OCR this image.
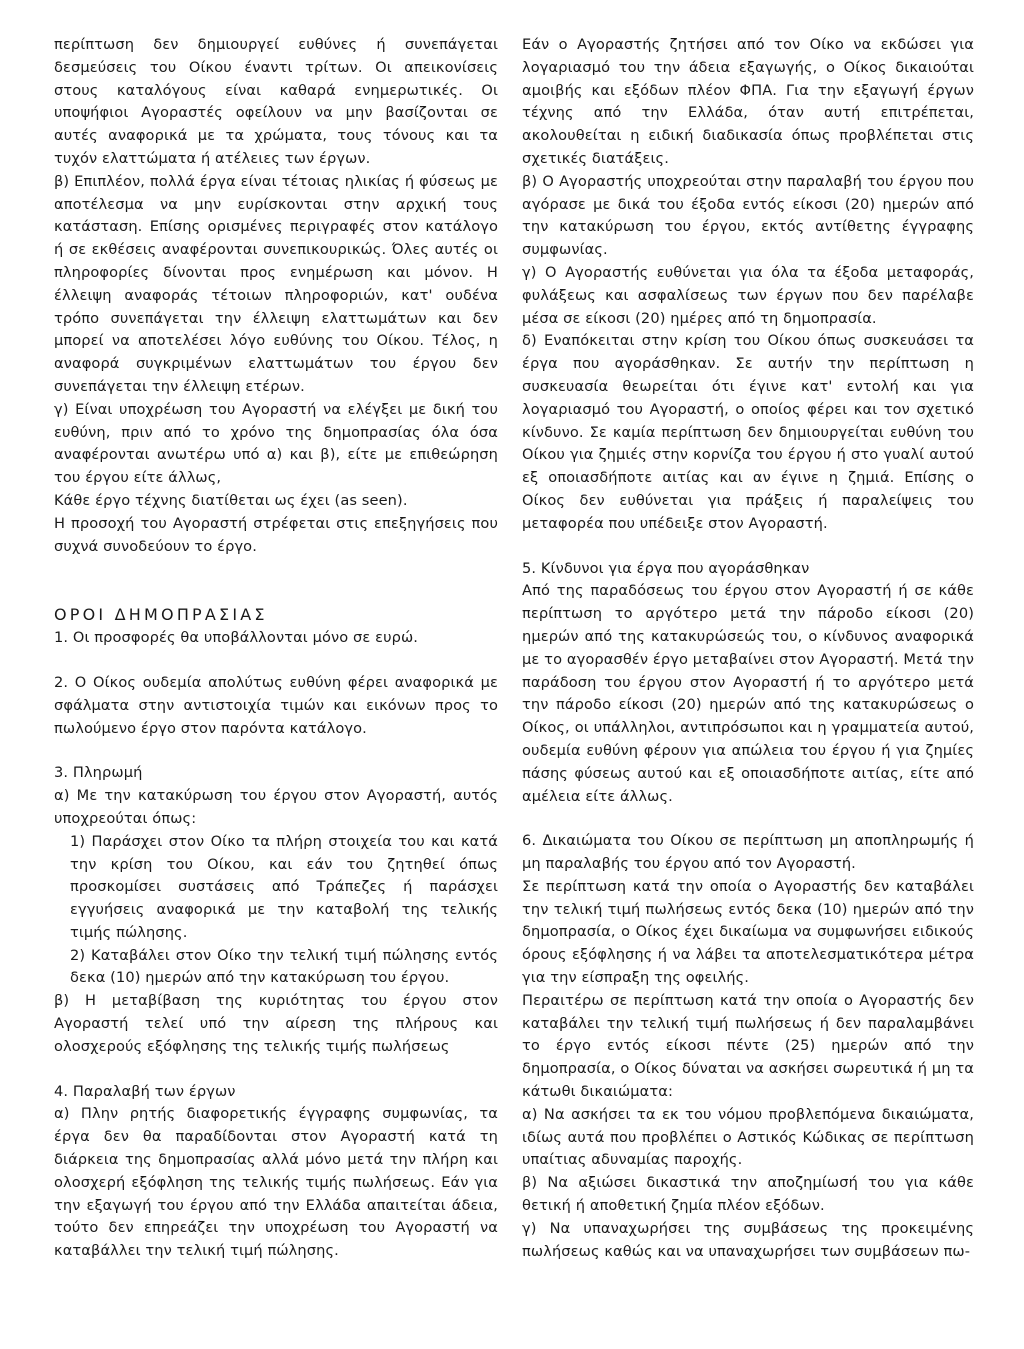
περίπτωση δεν δημιουργεί ευθύνες ή συνεπάγεται δεσμεύσεις του Οίκου έναντι τρίτων. Οι απεικονίσεις στους καταλόγους είναι καθαρά ενημερωτικές. Οι υποψήφιοι Αγοραστές οφείλουν να μην βασίζονται σε αυτές αναφορικά με τα χρώματα, τους τόνους και τα τυχόν ελαττώματα ή ατέλειες των έργων.

β) Επιπλέον, πολλά έργα είναι τέτοιας ηλικίας ή φύσεως με αποτέλεσμα να μην ευρίσκονται στην αρχική τους κατάσταση. Επίσης ορισμένες περιγραφές στον κατάλογο ή σε εκθέσεις αναφέρονται συνεπικουρικώς. Όλες αυτές οι πληροφορίες δίνονται προς ενημέρωση και μόνον. Η έλλειψη αναφοράς τέτοιων πληροφοριών, κατ' ουδένα τρόπο συνεπάγεται την έλλειψη ελαττωμάτων και δεν μπορεί να αποτελέσει λόγο ευθύνης του Οίκου. Τέλος, η αναφορά συγκριμένων ελαττωμάτων του έργου δεν συνεπάγεται την έλλειψη ετέρων.

γ) Είναι υποχρέωση του Αγοραστή να ελέγξει με δική του ευθύνη, πριν από το χρόνο της δημοπρασίας όλα όσα αναφέρονται ανωτέρω υπό α) και β), είτε με επιθεώρηση του έργου είτε άλλως,

Κάθε έργο τέχνης διατίθεται ως έχει (as seen).

Η προσοχή του Αγοραστή στρέφεται στις επεξηγήσεις που συχνά συνοδεύουν το έργο.

ΟΡΟΙ ΔΗΜΟΠΡΑΣΙΑΣ

1. Οι προσφορές θα υποβάλλονται μόνο σε ευρώ.

2. Ο Οίκος ουδεμία απολύτως ευθύνη φέρει αναφορικά με σφάλματα στην αντιστοιχία τιμών και εικόνων προς το πωλούμενο έργο στον παρόντα κατάλογο.

3. Πληρωμή

α) Με την κατακύρωση του έργου στον Αγοραστή, αυτός υποχρεούται όπως:

1) Παράσχει στον Οίκο τα πλήρη στοιχεία του και κατά την κρίση του Οίκου, και εάν του ζητηθεί όπως προσκομίσει συστάσεις από Τράπεζες ή παράσχει εγγυήσεις αναφορικά με την καταβολή της τελικής τιμής πώλησης.

2) Καταβάλει στον Οίκο την τελική τιμή πώλησης εντός δεκα (10) ημερών από την κατακύρωση του έργου.

β) Η μεταβίβαση της κυριότητας του έργου στον Αγοραστή τελεί υπό την αίρεση της πλήρους και ολοσχερούς εξόφλησης της τελικής τιμής πωλήσεως

4. Παραλαβή των έργων

α) Πλην ρητής διαφορετικής έγγραφης συμφωνίας, τα έργα δεν θα παραδίδονται στον Αγοραστή κατά τη διάρκεια της δημοπρασίας αλλά μόνο μετά την πλήρη και ολοσχερή εξόφληση της τελικής τιμής πωλήσεως. Εάν για την εξαγωγή του έργου από την Ελλάδα απαιτείται άδεια, τούτο δεν επηρεάζει την υποχρέωση του Αγοραστή να καταβάλλει την τελική τιμή πώλησης.

Εάν ο Αγοραστής ζητήσει από τον Οίκο να εκδώσει για λογαριασμό του την άδεια εξαγωγής, ο Οίκος δικαιούται αμοιβής και εξόδων πλέον ΦΠΑ. Για την εξαγωγή έργων τέχνης από την Ελλάδα, όταν αυτή επιτρέπεται, ακολουθείται η ειδική διαδικασία όπως προβλέπεται στις σχετικές διατάξεις.

β) Ο Αγοραστής υποχρεούται στην παραλαβή του έργου που αγόρασε με δικά του έξοδα εντός είκοσι (20) ημερών από την κατακύρωση του έργου, εκτός αντίθετης έγγραφης συμφωνίας.

γ) Ο Αγοραστής ευθύνεται για όλα τα έξοδα μεταφοράς, φυλάξεως και ασφαλίσεως των έργων που δεν παρέλαβε μέσα σε είκοσι (20) ημέρες από τη δημοπρασία.

δ) Εναπόκειται στην κρίση του Οίκου όπως συσκευάσει τα έργα που αγοράσθηκαν. Σε αυτήν την περίπτωση η συσκευασία θεωρείται ότι έγινε κατ' εντολή και για λογαριασμό του Αγοραστή, ο οποίος φέρει και τον σχετικό κίνδυνο. Σε καμία περίπτωση δεν δημιουργείται ευθύνη του Οίκου για ζημιές στην κορνίζα του έργου ή στο γυαλί αυτού εξ οποιασδήποτε αιτίας και αν έγινε η ζημιά. Επίσης ο Οίκος δεν ευθύνεται για πράξεις ή παραλείψεις του μεταφορέα που υπέδειξε στον Αγοραστή.

5. Κίνδυνοι για έργα που αγοράσθηκαν

Από της παραδόσεως του έργου στον Αγοραστή ή σε κάθε περίπτωση το αργότερο μετά την πάροδο είκοσι (20) ημερών από της κατακυρώσεώς του, ο κίνδυνος αναφορικά με το αγορασθέν έργο μεταβαίνει στον Αγοραστή. Μετά την παράδοση του έργου στον Αγοραστή ή το αργότερο μετά την πάροδο είκοσι (20) ημερών από της κατακυρώσεως ο Οίκος, οι υπάλληλοι, αντιπρόσωποι και η γραμματεία αυτού, ουδεμία ευθύνη φέρουν για απώλεια του έργου ή για ζημίες πάσης φύσεως αυτού και εξ οποιασδήποτε αιτίας, είτε από αμέλεια είτε άλλως.

6. Δικαιώματα του Οίκου σε περίπτωση μη αποπληρωμής ή μη παραλαβής του έργου από τον Αγοραστή.

Σε περίπτωση κατά την οποία ο Αγοραστής δεν καταβάλει την τελική τιμή πωλήσεως εντός δεκα (10) ημερών από την δημοπρασία, ο Οίκος έχει δικαίωμα να συμφωνήσει ειδικούς όρους εξόφλησης ή να λάβει τα αποτελεσματικότερα μέτρα για την είσπραξη της οφειλής.

Περαιτέρω σε περίπτωση κατά την οποία ο Αγοραστής δεν καταβάλει την τελική τιμή πωλήσεως ή δεν παραλαμβάνει το έργο εντός είκοσι πέντε (25) ημερών από την δημοπρασία, ο Οίκος δύναται να ασκήσει σωρευτικά ή μη τα κάτωθι δικαιώματα:

α) Να ασκήσει τα εκ του νόμου προβλεπόμενα δικαιώματα, ιδίως αυτά που προβλέπει ο Αστικός Κώδικας σε περίπτωση υπαίτιας αδυναμίας παροχής.

β) Να αξιώσει δικαστικά την αποζημίωσή του για κάθε θετική ή αποθετική ζημία πλέον εξόδων.

γ) Να υπαναχωρήσει της συμβάσεως της προκειμένης πωλήσεως καθώς και να υπαναχωρήσει των συμβάσεων πω-
